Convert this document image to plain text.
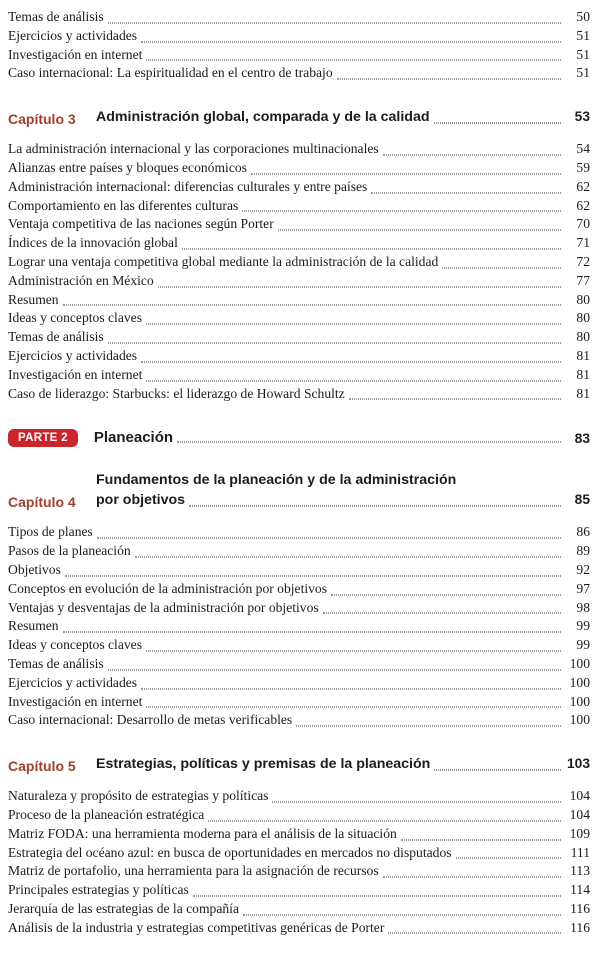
Temas de análisis	50
Ejercicios y actividades	51
Investigación en internet	51
Caso internacional: La espiritualidad en el centro de trabajo	51
Capítulo 3	Administración global, comparada y de la calidad	53
La administración internacional y las corporaciones multinacionales	54
Alianzas entre países y bloques económicos	59
Administración internacional: diferencias culturales y entre países	62
Comportamiento en las diferentes culturas	62
Ventaja competitiva de las naciones según Porter	70
Índices de la innovación global	71
Lograr una ventaja competitiva global mediante la administración de la calidad	72
Administración en México	77
Resumen	80
Ideas y conceptos claves	80
Temas de análisis	80
Ejercicios y actividades	81
Investigación en internet	81
Caso de liderazgo: Starbucks: el liderazgo de Howard Schultz	81
PARTE 2	Planeación	83
Capítulo 4
Fundamentos de la planeación y de la administración
por objetivos	85
Tipos de planes	86
Pasos de la planeación	89
Objetivos	92
Conceptos en evolución de la administración por objetivos	97
Ventajas y desventajas de la administración por objetivos	98
Resumen	99
Ideas y conceptos claves	99
Temas de análisis	100
Ejercicios y actividades	100
Investigación en internet	100
Caso internacional: Desarrollo de metas verificables	100
Capítulo 5	Estrategias, políticas y premisas de la planeación	103
Naturaleza y propósito de estrategias y políticas	104
Proceso de la planeación estratégica	104
Matriz FODA: una herramienta moderna para el análisis de la situación	109
Estrategia del océano azul: en busca de oportunidades en mercados no disputados	111
Matriz de portafolio, una herramienta para la asignación de recursos	113
Principales estrategias y políticas	114
Jerarquía de las estrategias de la compañía	116
Análisis de la industria y estrategias competitivas genéricas de Porter	116
